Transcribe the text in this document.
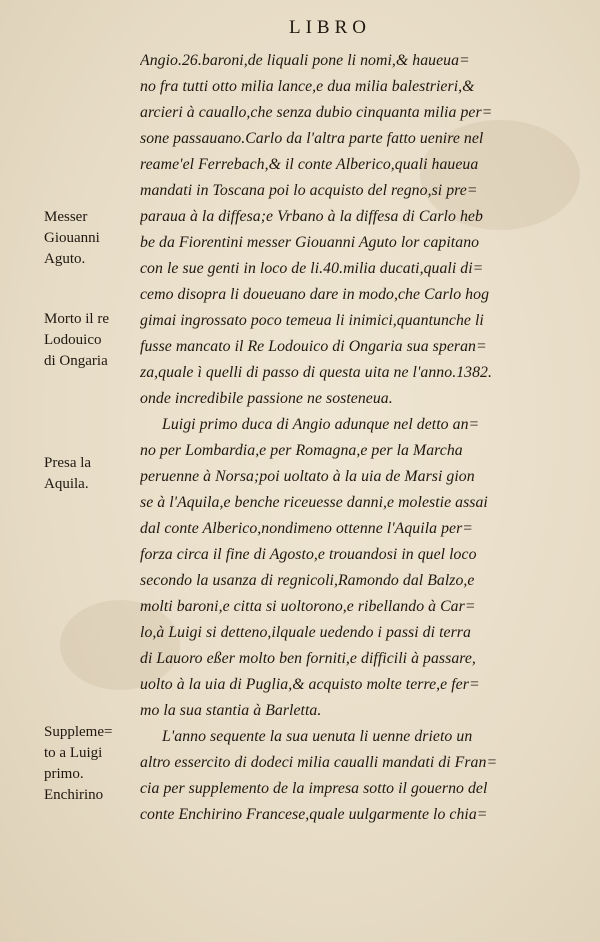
LIBRO
Angio.26.baroni,de liquali pone li nomi,& haueua=
no fra tutti otto milia lance,e dua milia balestrieri,&
arcieri à cauallo,che senza dubio cinquanta milia per=
sone passauano.Carlo da l'altra parte fatto uenire nel
reame'el Ferrebach,& il conte Alberico,quali haueua
mandati in Toscana poi lo acquisto del regno,si pre=
paraua à la diffesa;e Vrbano à la diffesa di Carlo heb
be da Fiorentini messer Giouanni Aguto lor capitano
con le sue genti in loco de li.40.milia ducati,quali di=
cemo disopra li doueuano dare in modo,che Carlo hog
gimai ingrossato poco temeua li inimici,quantunche li
fusse mancato il Re Lodouico di Ongaria sua speran=
za,quale ì quelli di passo di questa uita ne l'anno.1382.
onde incredibile passione ne sosteneua.
Luigi primo duca di Angio adunque nel detto an=
no per Lombardia,e per Romagna,e per la Marcha
peruenne à Norsa;poi uoltato à la uia de Marsi gion
se à l'Aquila,e benche riceuesse danni,e molestie assai
dal conte Alberico,nondimeno ottenne l'Aquila per=
forza circa il fine di Agosto,e trouandosi in quel loco
secondo la usanza di regnicoli,Ramondo dal Balzo,e
molti baroni,e citta si uoltorono,e ribellando à Car=
lo,à Luigi si detteno,ilquale uedendo i passi di terra
di Lauoro eßer molto ben forniti,e difficili à passare,
uolto à la uia di Puglia,& acquisto molte terre,e fer=
mo la sua stantia à Barletta.
L'anno sequente la sua uenuta li uenne drieto un
altro essercito di dodeci milia caualli mandati di Fran=
cia per supplemento de la impresa sotto il gouerno del
conte Enchirino Francese,quale uulgarmente lo chia=
Messer
Giouanni
Aguto.
Morto il re
Lodouico
di Ongaria
Presa la
Aquila.
Suppleme=
to a Luigi
primo.
Enchirino
